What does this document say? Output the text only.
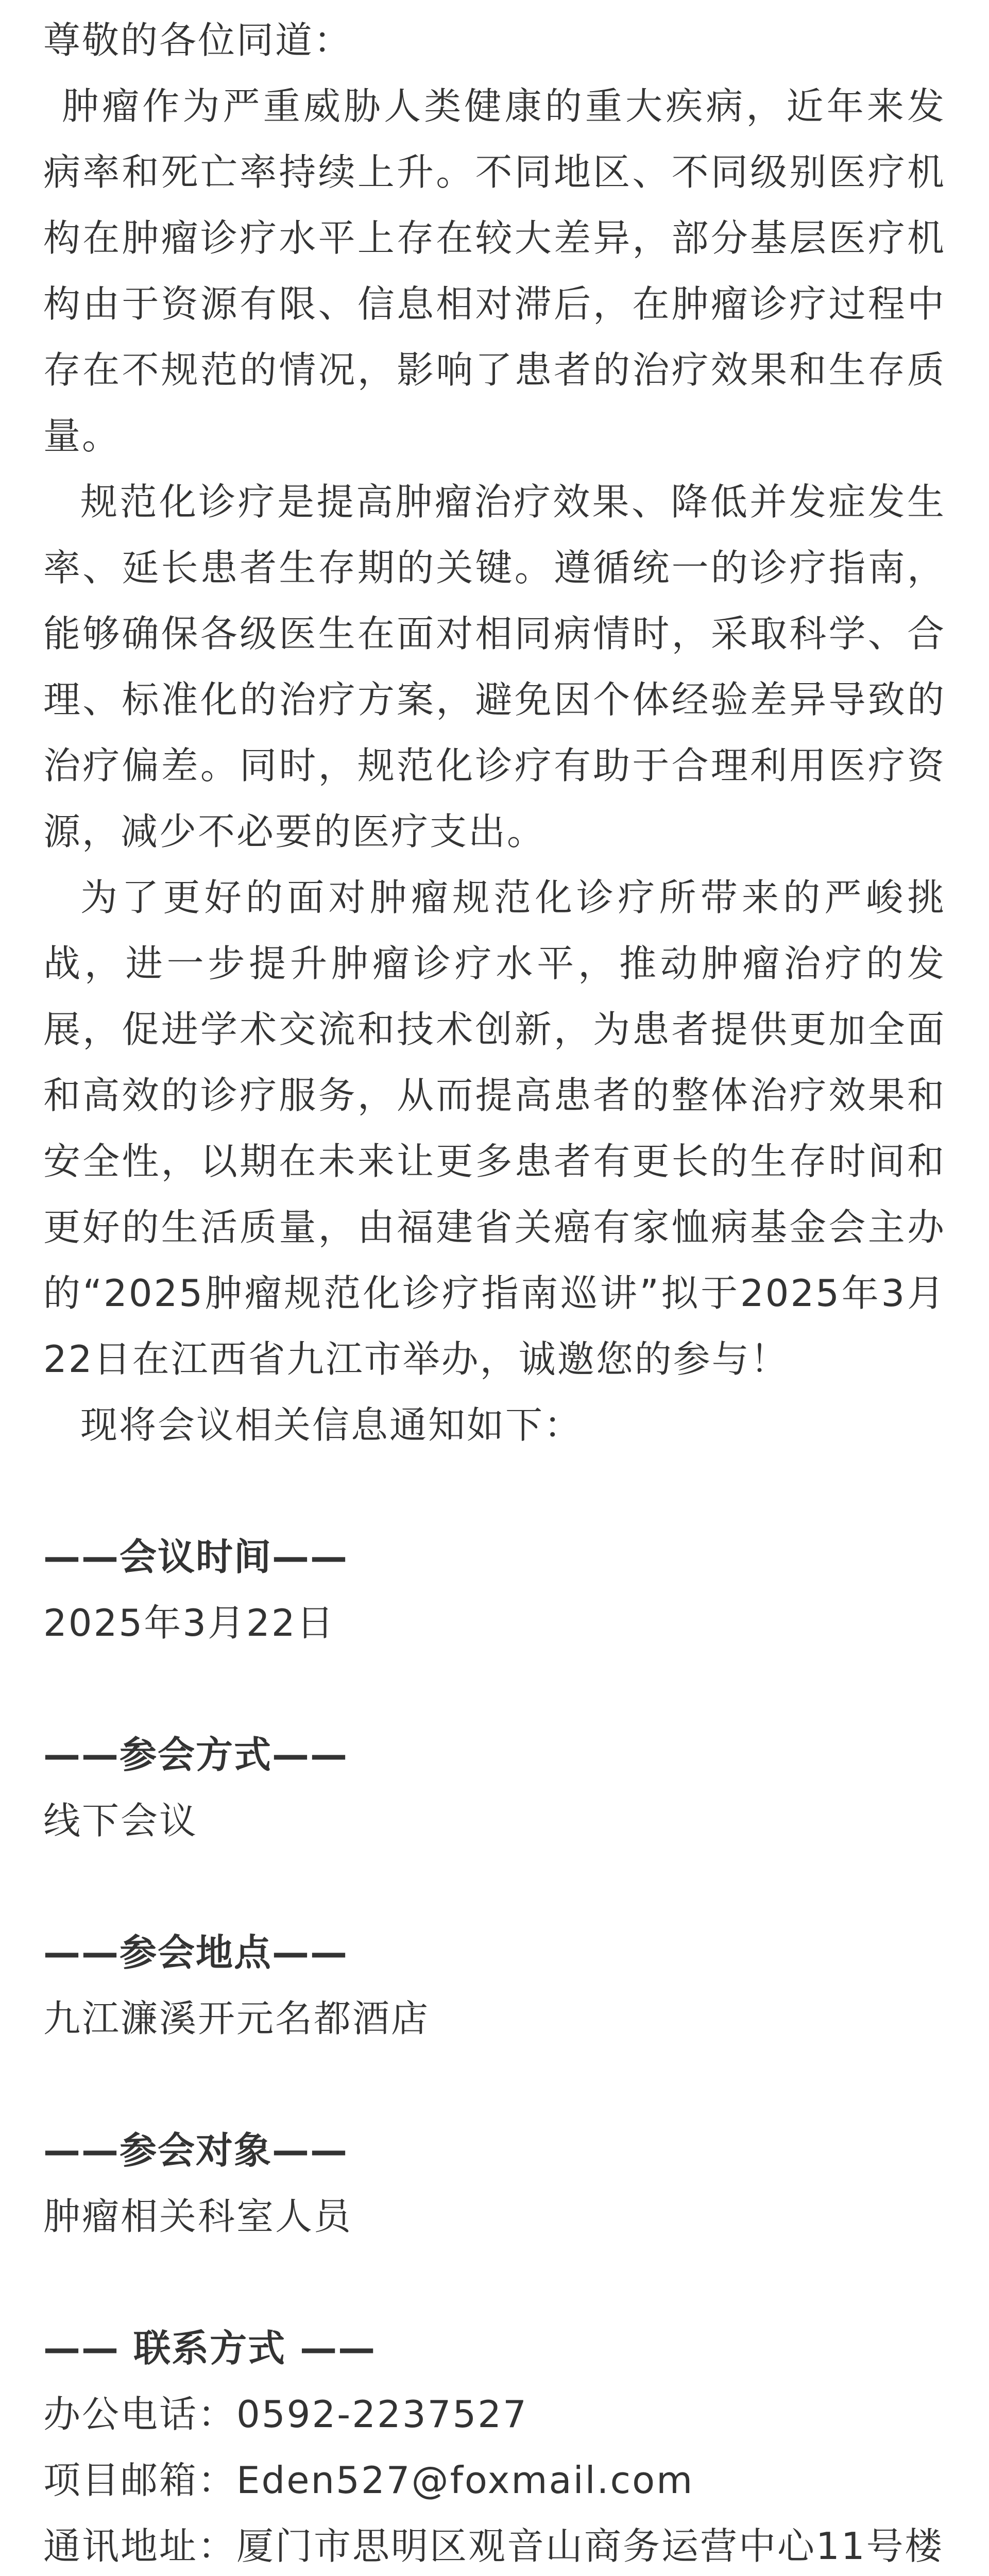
尊敬的各位同道：

肿瘤作为严重威胁人类健康的重大疾病，近年来发病率和死亡率持续上升。不同地区、不同级别医疗机构在肿瘤诊疗水平上存在较大差异，部分基层医疗机构由于资源有限、信息相对滞后，在肿瘤诊疗过程中存在不规范的情况，影响了患者的治疗效果和生存质量。

规范化诊疗是提高肿瘤治疗效果、降低并发症发生率、延长患者生存期的关键。遵循统一的诊疗指南，能够确保各级医生在面对相同病情时，采取科学、合理、标准化的治疗方案，避免因个体经验差异导致的治疗偏差。同时，规范化诊疗有助于合理利用医疗资源，减少不必要的医疗支出。

为了更好的面对肿瘤规范化诊疗所带来的严峻挑战，进一步提升肿瘤诊疗水平，推动肿瘤治疗的发展，促进学术交流和技术创新，为患者提供更加全面和高效的诊疗服务，从而提高患者的整体治疗效果和安全性，以期在未来让更多患者有更长的生存时间和更好的生活质量，由福建省关癌有家恤病基金会主办的“2025肿瘤规范化诊疗指南巡讲”拟于2025年3月22日在江西省九江市举办，诚邀您的参与！

现将会议相关信息通知如下：

——会议时间——

2025年3月22日

——参会方式——

线下会议

——参会地点——

九江濂溪开元名都酒店

——参会对象——

肿瘤相关科室人员

—— 联系方式 ——

办公电话：0592-2237527

项目邮箱：Eden527@foxmail.com

通讯地址：厦门市思明区观音山商务运营中心11号楼
